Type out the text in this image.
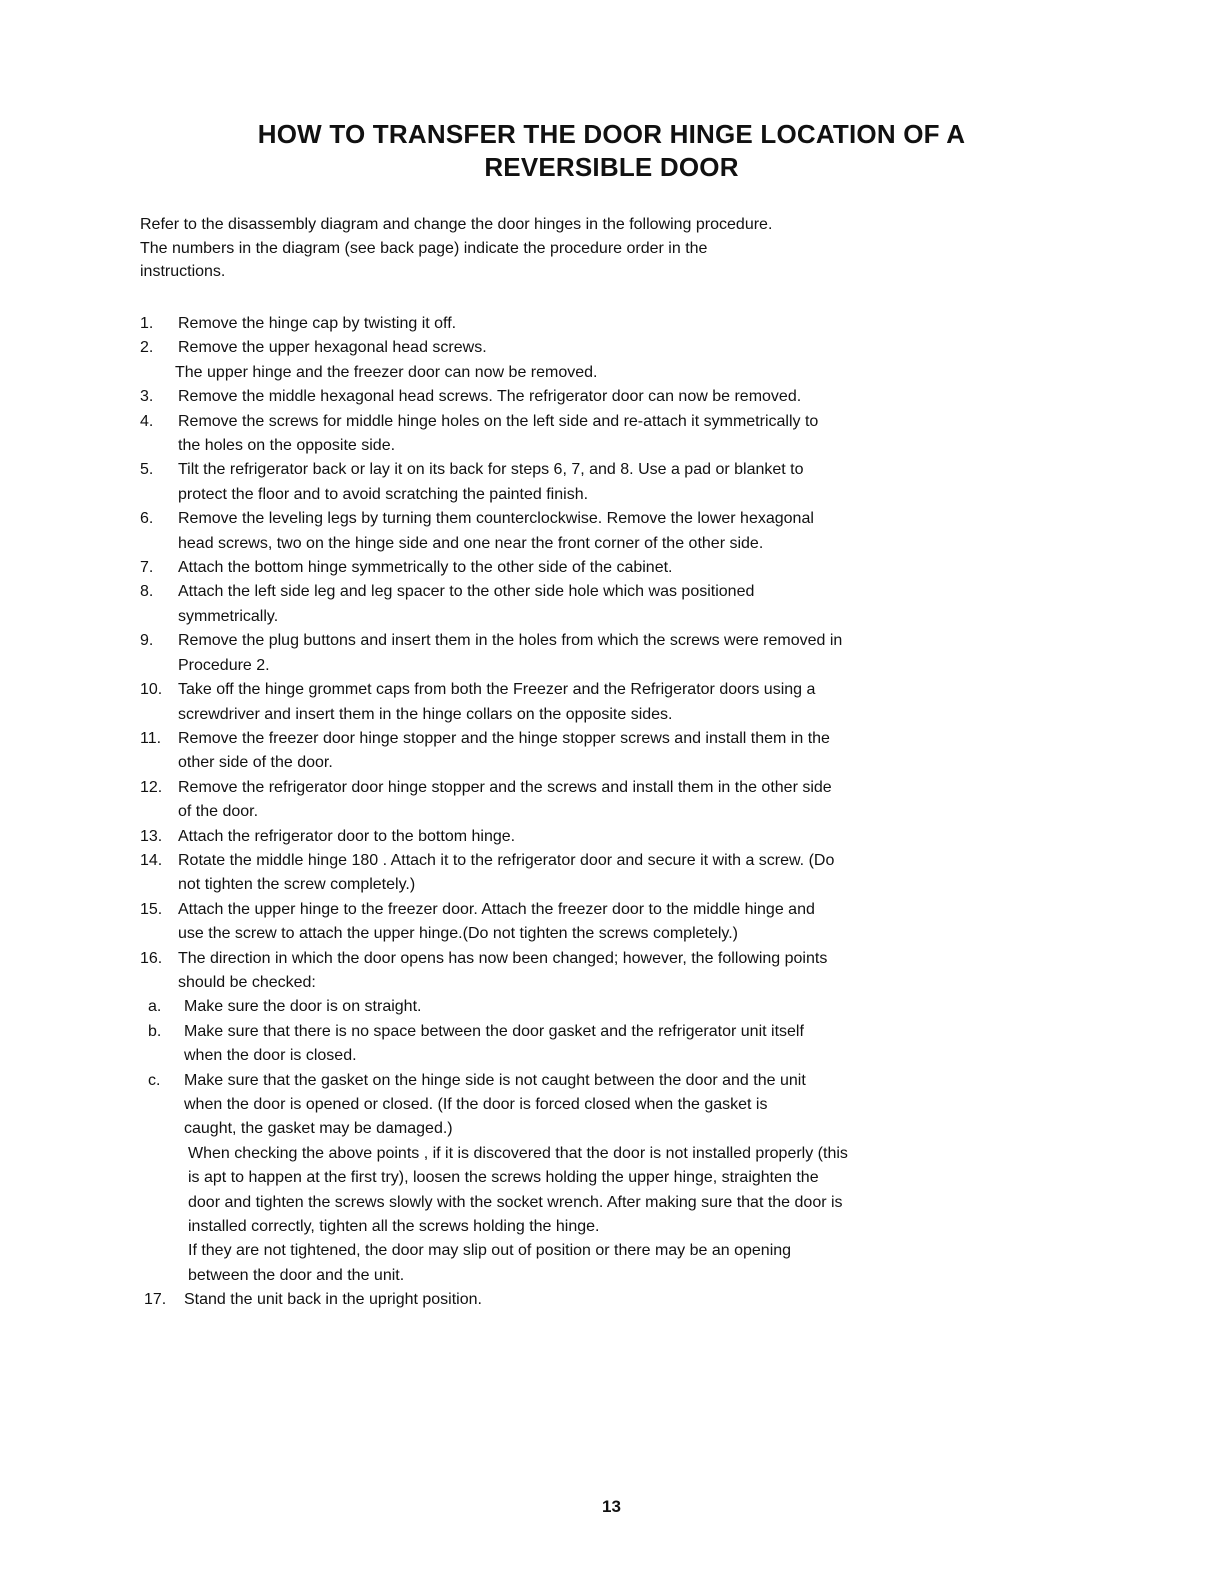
HOW TO TRANSFER THE DOOR HINGE LOCATION OF A
REVERSIBLE DOOR
Refer to the disassembly diagram and change the door hinges in the following procedure.
The numbers in the diagram (see back page) indicate the procedure order in the
instructions.
1.	Remove the hinge cap by twisting it off.
2.	Remove the upper hexagonal head screws.
The upper hinge and the freezer door can now be removed.
3.	Remove the middle hexagonal head screws. The refrigerator door can now be removed.
4.	Remove the screws for middle hinge holes on the left side and re-attach it symmetrically to
the holes on the opposite side.
5.	Tilt the refrigerator back or lay it on its back for steps 6, 7, and 8. Use a pad or blanket to
protect the floor and to avoid scratching the painted finish.
6.	Remove the leveling legs by turning them counterclockwise. Remove the lower hexagonal
head screws, two on the hinge side and one near the front corner of the other side.
7.	Attach the bottom hinge symmetrically to the other side of the cabinet.
8.	Attach the left side leg and leg spacer to the other side hole which was positioned
symmetrically.
9.	Remove the plug buttons and insert them in the holes from which the screws were removed in
Procedure 2.
10. Take off the hinge grommet caps from both the Freezer and the Refrigerator doors using a
screwdriver and insert them in the hinge collars on the opposite sides.
11.	Remove the freezer door hinge stopper and the hinge stopper screws and install them in the
other side of the door.
12. Remove the refrigerator door hinge stopper and the screws and install them in the other side
of the door.
13. Attach the refrigerator door to the bottom hinge.
14. Rotate the middle hinge 180 . Attach it to the refrigerator door and secure it with a screw. (Do
not tighten the screw completely.)
15. Attach the upper hinge to the freezer door. Attach the freezer door to the middle hinge and
use the screw to attach the upper hinge.(Do not tighten the screws completely.)
16. The direction in which the door opens has now been changed; however, the following points
should be checked:
a. Make sure the door is on straight.
b. Make sure that there is no space between the door gasket and the refrigerator unit itself
when the door is closed.
c. Make sure that the gasket on the hinge side is not caught between the door and the unit
when the door is opened or closed. (If the door is forced closed when the gasket is
caught, the gasket may be damaged.)
When checking the above points , if it is discovered that the door is not installed properly (this
is apt to happen at the first try), loosen the screws holding the upper hinge, straighten the
door and tighten the screws slowly with the socket wrench. After making sure that the door is
installed correctly, tighten all the screws holding the hinge.
If they are not tightened, the door may slip out of position or there may be an opening
between the door and the unit.
17.	Stand the unit back in the upright position.
13
